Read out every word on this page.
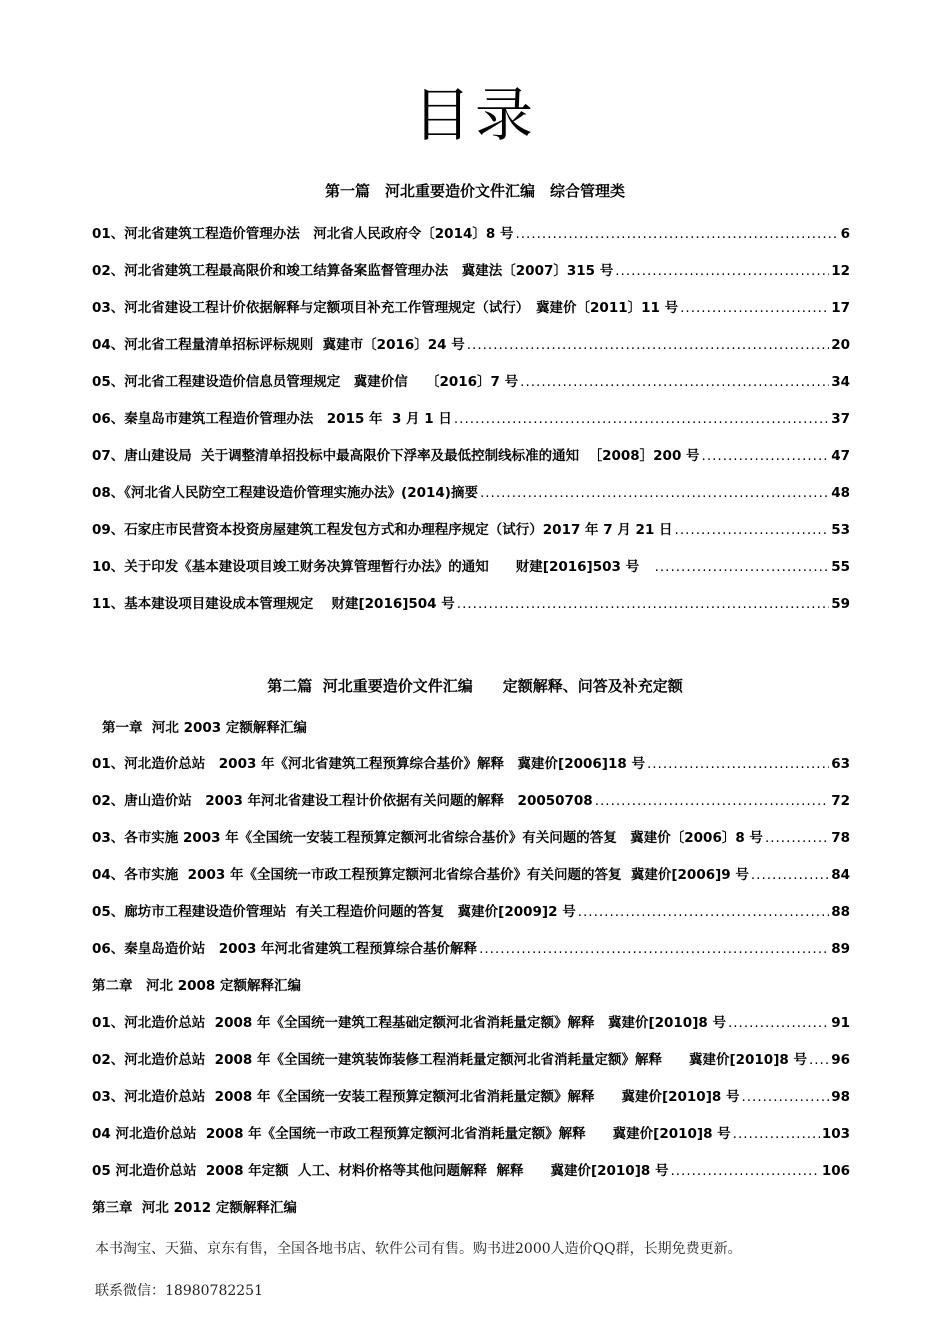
目录
第一篇　河北重要造价文件汇编　综合管理类
01、河北省建筑工程造价管理办法　河北省人民政府令〔2014〕8 号 .....	6
02、河北省建筑工程最高限价和竣工结算备案监督管理办法　冀建法〔2007〕315 号 .....	12
03、河北省建设工程计价依据解释与定额项目补充工作管理规定（试行）　冀建价〔2011〕11 号 .....	17
04、河北省工程量清单招标评标规则  冀建市〔2016〕24 号 .....	20
05、河北省工程建设造价信息员管理规定　冀建价信　 〔2016〕7 号 .....	34
06、秦皇岛市建筑工程造价管理办法　2015 年  3 月 1 日 .....	37
07、唐山建设局  关于调整清单招投标中最高限价下浮率及最低控制线标准的通知  ［2008］200 号 .....	47
08、《河北省人民防空工程建设造价管理实施办法》(2014)摘要 .....	48
09、石家庄市民营资本投资房屋建筑工程发包方式和办理程序规定（试行）2017 年 7 月 21 日 .....	53
10、关于印发《基本建设项目竣工财务决算管理暂行办法》的通知　　财建[2016]503 号　 .....	55
11、基本建设项目建设成本管理规定　 财建[2016]504 号 .....	59
第二篇  河北重要造价文件汇编　　定额解释、问答及补充定额
第一章  河北 2003 定额解释汇编
01、河北造价总站　2003 年《河北省建筑工程预算综合基价》解释　冀建价[2006]18 号 .....	63
02、唐山造价站　2003 年河北省建设工程计价依据有关问题的解释　20050708 .....	72
03、各市实施 2003 年《全国统一安装工程预算定额河北省综合基价》有关问题的答复　冀建价〔2006〕8 号 .....	78
04、各市实施  2003 年《全国统一市政工程预算定额河北省综合基价》有关问题的答复  冀建价[2006]9 号 .....	84
05、廊坊市工程建设造价管理站  有关工程造价问题的答复　冀建价[2009]2 号 .....	88
06、秦皇岛造价站　2003 年河北省建筑工程预算综合基价解释 .....	89
第二章　河北 2008 定额解释汇编
01、河北造价总站  2008 年《全国统一建筑工程基础定额河北省消耗量定额》解释　冀建价[2010]8 号 .....	91
02、河北造价总站  2008 年《全国统一建筑装饰装修工程消耗量定额河北省消耗量定额》解释　　冀建价[2010]8 号 ..... 96
03、河北造价总站  2008 年《全国统一安装工程预算定额河北省消耗量定额》解释　　冀建价[2010]8 号 .....	98
04 河北造价总站  2008 年《全国统一市政工程预算定额河北省消耗量定额》解释　　冀建价[2010]8 号 .....	103
05 河北造价总站  2008 年定额  人工、材料价格等其他问题解释  解释　　冀建价[2010]8 号 .....	106
第三章  河北 2012 定额解释汇编
本书淘宝、天猫、京东有售，全国各地书店、软件公司有售。购书进2000人造价QQ群，长期免费更新。
联系微信：18980782251
